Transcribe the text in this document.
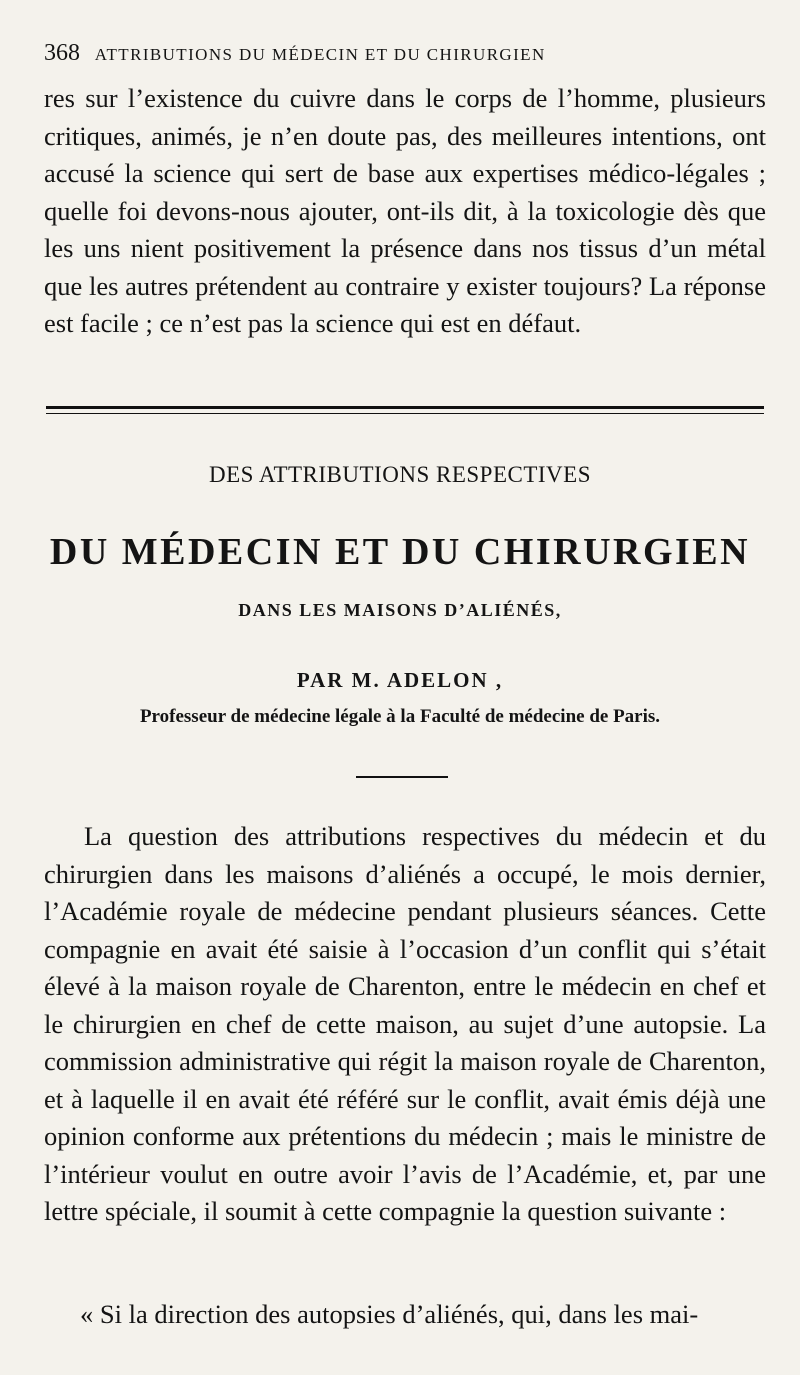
368 ATTRIBUTIONS DU MÉDECIN ET DU CHIRURGIEN
res sur l’existence du cuivre dans le corps de l’homme, plusieurs critiques, animés, je n’en doute pas, des meilleures intentions, ont accusé la science qui sert de base aux expertises médico-légales ; quelle foi devons-nous ajouter, ont-ils dit, à la toxicologie dès que les uns nient positivement la présence dans nos tissus d’un métal que les autres prétendent au contraire y exister toujours? La réponse est facile ; ce n’est pas la science qui est en défaut.
DES ATTRIBUTIONS RESPECTIVES
DU MÉDECIN ET DU CHIRURGIEN
DANS LES MAISONS D’ALIÉNÉS,
PAR M. ADELON ,
Professeur de médecine légale à la Faculté de médecine de Paris.
La question des attributions respectives du médecin et du chirurgien dans les maisons d’aliénés a occupé, le mois dernier, l’Académie royale de médecine pendant plusieurs séances. Cette compagnie en avait été saisie à l’occasion d’un conflit qui s’était élevé à la maison royale de Charenton, entre le médecin en chef et le chirurgien en chef de cette maison, au sujet d’une autopsie. La commission administrative qui régit la maison royale de Charenton, et à laquelle il en avait été référé sur le conflit, avait émis déjà une opinion conforme aux prétentions du médecin ; mais le ministre de l’intérieur voulut en outre avoir l’avis de l’Académie, et, par une lettre spéciale, il soumit à cette compagnie la question suivante :
« Si la direction des autopsies d’aliénés, qui, dans les mai-
